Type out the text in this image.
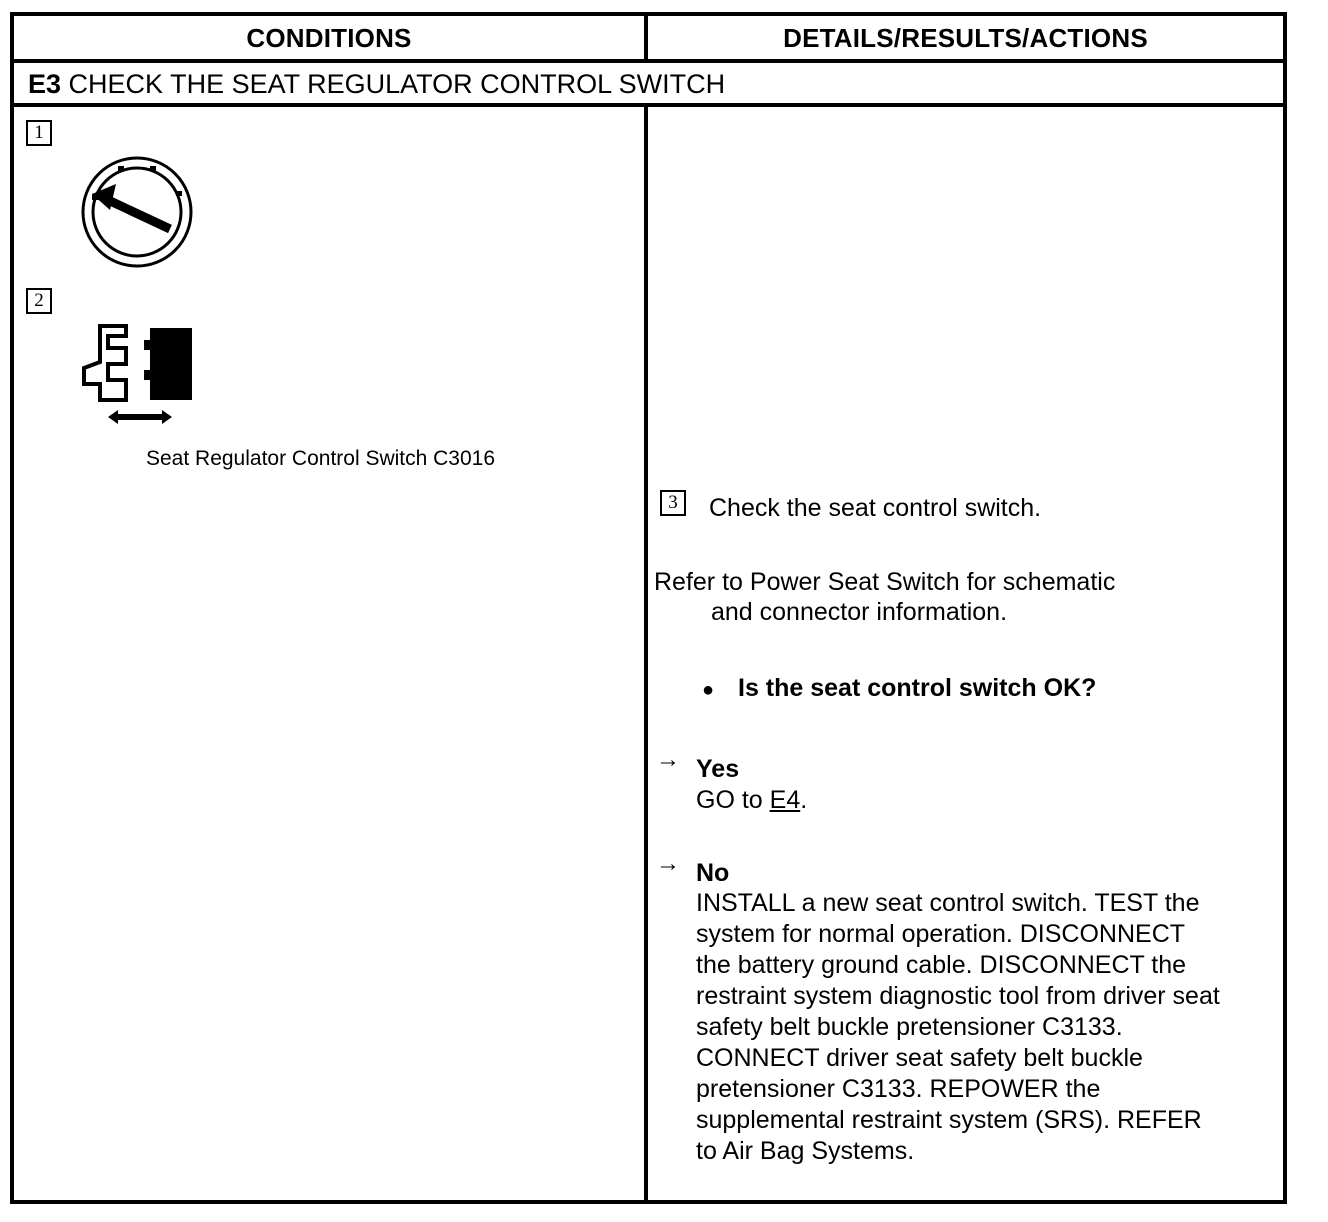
CONDITIONS	DETAILS/RESULTS/ACTIONS
E3 CHECK THE SEAT REGULATOR CONTROL SWITCH
1
2
Seat Regulator Control Switch C3016
3	Check the seat control switch.
Refer to Power Seat Switch for schematic
and connector information.
● Is the seat control switch OK?
→ Yes
GO to E4.
→ No
INSTALL a new seat control switch. TEST the
system for normal operation. DISCONNECT
the battery ground cable. DISCONNECT the
restraint system diagnostic tool from driver seat
safety belt buckle pretensioner C3133.
CONNECT driver seat safety belt buckle
pretensioner C3133. REPOWER the
supplemental restraint system (SRS). REFER
to Air Bag Systems.
